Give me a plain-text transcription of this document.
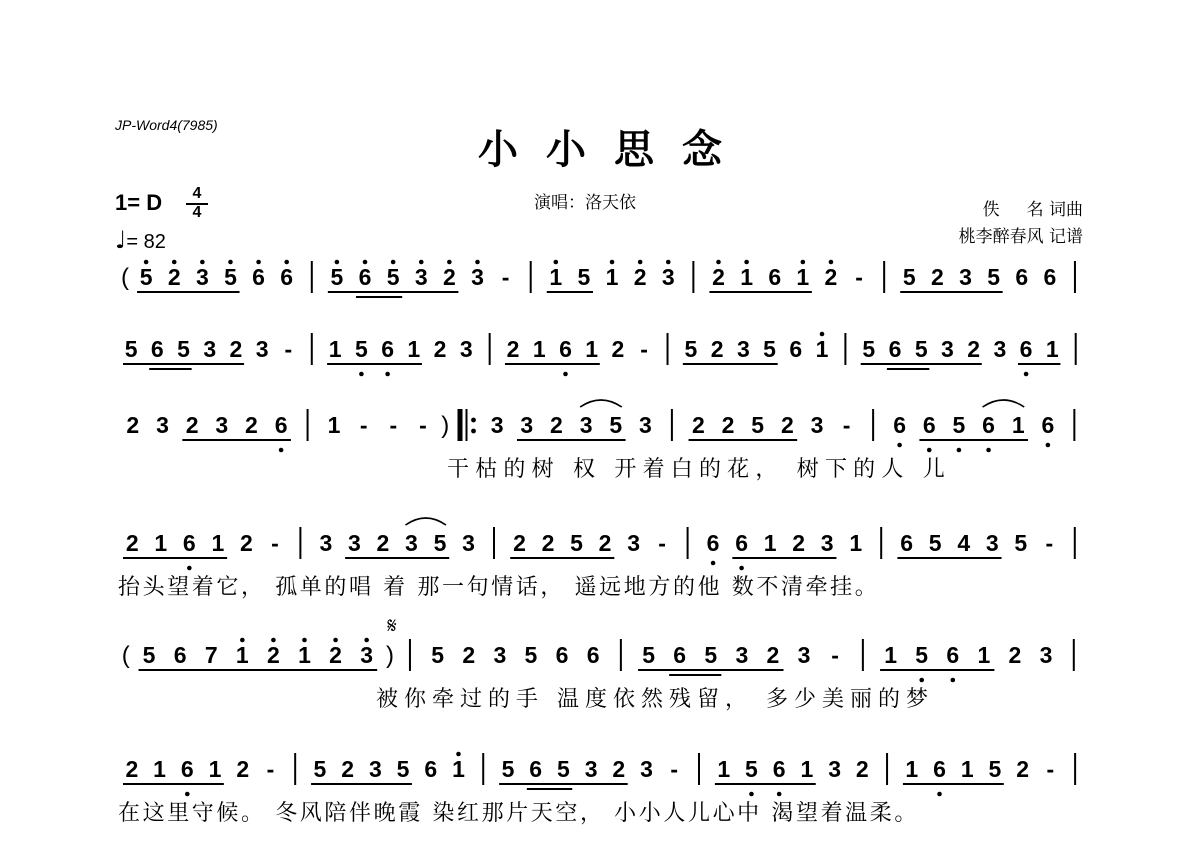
JP-Word4(7985)
小小思念
1= D	4
4
♩= 82
演唱：洛天依	佚     名 词曲
桃李醉春风 记谱
( 5 2 3 5 6 6 5 6 5 3 2 3 - 1 5 1 2 3 2 1 6 1 2 - 5 2 3 5 6 6
5 6 5 3 2 3 - 1 5 6 1 2 3 2 1 6 1 2 - 5 2 3 5 6 1 5 6 5 3 2 3 6 1
2 3 2 3 2 6 1 - - - ) 3 3 2 3 5 3 2 2 5 2 3 - 6 6 5 6 1 6
干枯的树 权 开着白的花， 树下的人 儿
2 1 6 1 2 - 3 3 2 3 5 3 2 2 5 2 3 - 6 6 1 2 3 1 6 5 4 3 5 -
抬头望着它， 孤单的唱 着 那一句情话， 遥远地方的他 数不清牵挂。
( 5 6 7 1 2 1 2 3 ) 5 2 3 5 6 6 5 6 5 3 2 3 - 1 5 6 1 2 3
𝄋
被你牵过的手 温度依然残留， 多少美丽的梦
2 1 6 1 2 - 5 2 3 5 6 1 5 6 5 3 2 3 - 1 5 6 1 3 2 1 6 1 5 2 -
在这里守候。 冬风陪伴晚霞 染红那片天空， 小小人儿心中 渴望着温柔。
